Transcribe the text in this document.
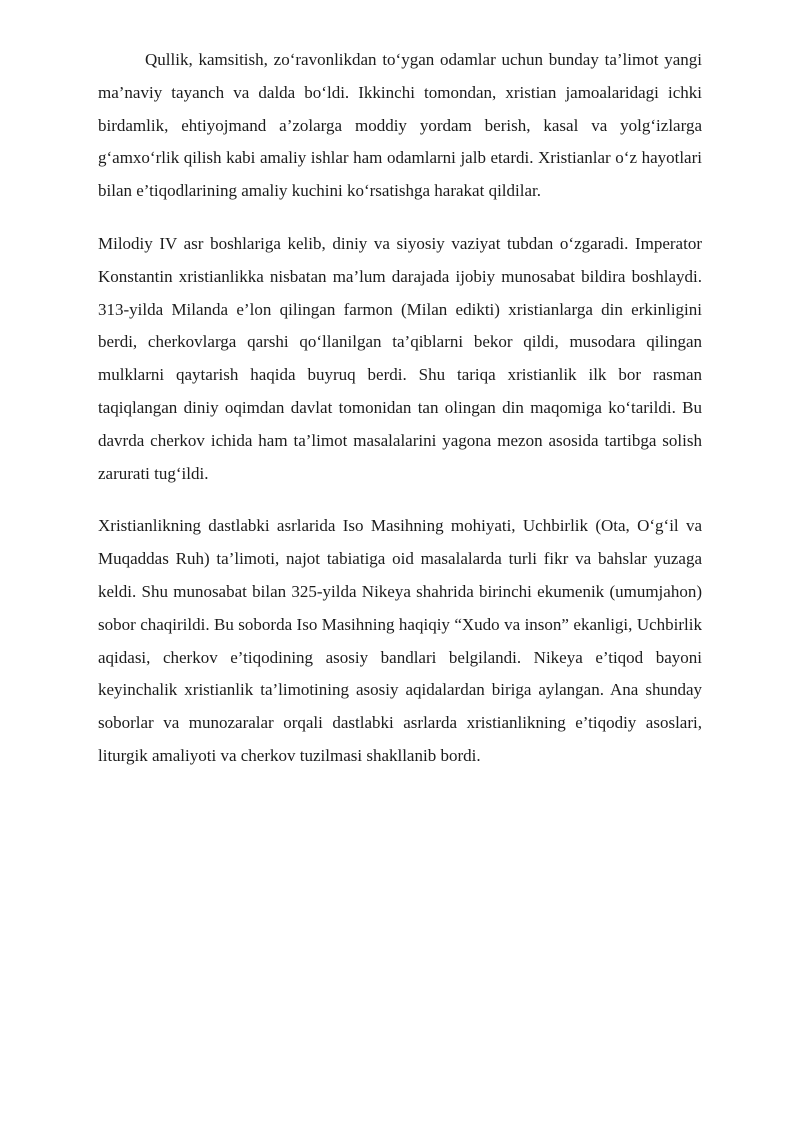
Qullik, kamsitish, zo‘ravonlikdan to‘ygan odamlar uchun bunday ta’limot yangi ma’naviy tayanch va dalda bo‘ldi. Ikkinchi tomondan, xristian jamoalaridagi ichki birdamlik, ehtiyojmand a’zolarga moddiy yordam berish, kasal va yolg‘izlarga g‘amxo‘rlik qilish kabi amaliy ishlar ham odamlarni jalb etardi. Xristianlar o‘z hayotlari bilan e’tiqodlarining amaliy kuchini ko‘rsatishga harakat qildilar.

Milodiy IV asr boshlariga kelib, diniy va siyosiy vaziyat tubdan o‘zgaradi. Imperator Konstantin xristianlikka nisbatan ma’lum darajada ijobiy munosabat bildira boshlaydi. 313-yilda Milanda e’lon qilingan farmon (Milan edikti) xristianlarga din erkinligini berdi, cherkovlarga qarshi qo‘llanilgan ta’qiblarni bekor qildi, musodara qilingan mulklarni qaytarish haqida buyruq berdi. Shu tariqa xristianlik ilk bor rasman taqiqlangan diniy oqimdan davlat tomonidan tan olingan din maqomiga ko‘tarildi. Bu davrda cherkov ichida ham ta’limot masalalarini yagona mezon asosida tartibga solish zarurati tug‘ildi.

Xristianlikning dastlabki asrlarida Iso Masihning mohiyati, Uchbirlik (Ota, O‘g‘il va Muqaddas Ruh) ta’limoti, najot tabiatiga oid masalalarda turli fikr va bahslar yuzaga keldi. Shu munosabat bilan 325-yilda Nikeya shahrida birinchi ekumenik (umumjahon) sobor chaqirildi. Bu soborda Iso Masihning haqiqiy “Xudo va inson” ekanligi, Uchbirlik aqidasi, cherkov e’tiqodining asosiy bandlari belgilandi. Nikeya e’tiqod bayoni keyinchalik xristianlik ta’limotining asosiy aqidalardan biriga aylangan. Ana shunday soborlar va munozaralar orqali dastlabki asrlarda xristianlikning e’tiqodiy asoslari, liturgik amaliyoti va cherkov tuzilmasi shakllanib bordi.
